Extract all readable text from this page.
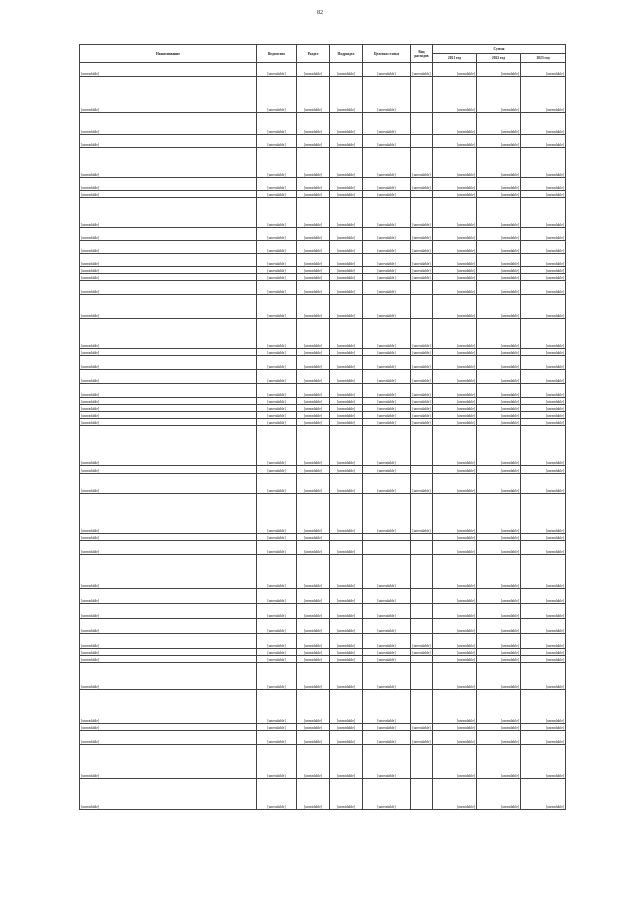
82
Наименование	Ведомство	Раздел	Подраздел	Целевая статья	Вид расходов	Сумма		
						2021 год	2022 год	2023 год
[unreadable]	[unreadable]	[unreadable]	[unreadable]	[unreadable]	[unreadable]	[unreadable]	[unreadable]	[unreadable]
[unreadable]	[unreadable]	[unreadable]	[unreadable]	[unreadable]		[unreadable]	[unreadable]	[unreadable]
[unreadable]	[unreadable]	[unreadable]	[unreadable]	[unreadable]		[unreadable]	[unreadable]	[unreadable]
[unreadable]	[unreadable]	[unreadable]	[unreadable]	[unreadable]		[unreadable]	[unreadable]	[unreadable]
[unreadable]	[unreadable]	[unreadable]	[unreadable]	[unreadable]	[unreadable]	[unreadable]	[unreadable]	[unreadable]
[unreadable]	[unreadable]	[unreadable]	[unreadable]	[unreadable]	[unreadable]	[unreadable]	[unreadable]	[unreadable]
[unreadable]	[unreadable]	[unreadable]	[unreadable]	[unreadable]		[unreadable]	[unreadable]	[unreadable]
[unreadable]	[unreadable]	[unreadable]	[unreadable]	[unreadable]	[unreadable]	[unreadable]	[unreadable]	[unreadable]
[unreadable]	[unreadable]	[unreadable]	[unreadable]	[unreadable]	[unreadable]	[unreadable]	[unreadable]	[unreadable]
[unreadable]	[unreadable]	[unreadable]	[unreadable]	[unreadable]	[unreadable]	[unreadable]	[unreadable]	[unreadable]
[unreadable]	[unreadable]	[unreadable]	[unreadable]	[unreadable]	[unreadable]	[unreadable]	[unreadable]	[unreadable]
[unreadable]	[unreadable]	[unreadable]	[unreadable]	[unreadable]	[unreadable]	[unreadable]	[unreadable]	[unreadable]
[unreadable]	[unreadable]	[unreadable]	[unreadable]	[unreadable]	[unreadable]	[unreadable]	[unreadable]	[unreadable]
[unreadable]	[unreadable]	[unreadable]	[unreadable]	[unreadable]		[unreadable]	[unreadable]	[unreadable]
[unreadable]	[unreadable]	[unreadable]	[unreadable]	[unreadable]		[unreadable]	[unreadable]	[unreadable]
[unreadable]	[unreadable]	[unreadable]	[unreadable]	[unreadable]	[unreadable]	[unreadable]	[unreadable]	[unreadable]
[unreadable]	[unreadable]	[unreadable]	[unreadable]	[unreadable]	[unreadable]	[unreadable]	[unreadable]	[unreadable]
[unreadable]	[unreadable]	[unreadable]	[unreadable]	[unreadable]	[unreadable]	[unreadable]	[unreadable]	[unreadable]
[unreadable]	[unreadable]	[unreadable]	[unreadable]	[unreadable]	[unreadable]	[unreadable]	[unreadable]	[unreadable]
[unreadable]	[unreadable]	[unreadable]	[unreadable]	[unreadable]	[unreadable]	[unreadable]	[unreadable]	[unreadable]
[unreadable]	[unreadable]	[unreadable]	[unreadable]	[unreadable]	[unreadable]	[unreadable]	[unreadable]	[unreadable]
[unreadable]	[unreadable]	[unreadable]	[unreadable]	[unreadable]	[unreadable]	[unreadable]	[unreadable]	[unreadable]
[unreadable]	[unreadable]	[unreadable]	[unreadable]	[unreadable]	[unreadable]	[unreadable]	[unreadable]	[unreadable]
[unreadable]	[unreadable]	[unreadable]	[unreadable]	[unreadable]	[unreadable]	[unreadable]	[unreadable]	[unreadable]
[unreadable]	[unreadable]	[unreadable]	[unreadable]	[unreadable]		[unreadable]	[unreadable]	[unreadable]
[unreadable]	[unreadable]	[unreadable]	[unreadable]	[unreadable]		[unreadable]	[unreadable]	[unreadable]
[unreadable]	[unreadable]	[unreadable]	[unreadable]	[unreadable]	[unreadable]	[unreadable]	[unreadable]	[unreadable]
[unreadable]	[unreadable]	[unreadable]	[unreadable]	[unreadable]	[unreadable]	[unreadable]	[unreadable]	[unreadable]
[unreadable]	[unreadable]	[unreadable]				[unreadable]	[unreadable]	[unreadable]
[unreadable]	[unreadable]	[unreadable]	[unreadable]			[unreadable]	[unreadable]	[unreadable]
[unreadable]	[unreadable]	[unreadable]	[unreadable]	[unreadable]		[unreadable]	[unreadable]	[unreadable]
[unreadable]	[unreadable]	[unreadable]	[unreadable]	[unreadable]		[unreadable]	[unreadable]	[unreadable]
[unreadable]	[unreadable]	[unreadable]	[unreadable]	[unreadable]		[unreadable]	[unreadable]	[unreadable]
[unreadable]	[unreadable]	[unreadable]	[unreadable]	[unreadable]		[unreadable]	[unreadable]	[unreadable]
[unreadable]	[unreadable]	[unreadable]	[unreadable]	[unreadable]	[unreadable]	[unreadable]	[unreadable]	[unreadable]
[unreadable]	[unreadable]	[unreadable]	[unreadable]	[unreadable]	[unreadable]	[unreadable]	[unreadable]	[unreadable]
[unreadable]	[unreadable]	[unreadable]	[unreadable]	[unreadable]		[unreadable]	[unreadable]	[unreadable]
[unreadable]	[unreadable]	[unreadable]	[unreadable]	[unreadable]		[unreadable]	[unreadable]	[unreadable]
[unreadable]	[unreadable]	[unreadable]	[unreadable]	[unreadable]		[unreadable]	[unreadable]	[unreadable]
[unreadable]	[unreadable]	[unreadable]	[unreadable]	[unreadable]	[unreadable]	[unreadable]	[unreadable]	[unreadable]
[unreadable]	[unreadable]	[unreadable]	[unreadable]	[unreadable]	[unreadable]	[unreadable]	[unreadable]	[unreadable]
[unreadable]	[unreadable]	[unreadable]	[unreadable]	[unreadable]		[unreadable]	[unreadable]	[unreadable]
[unreadable]	[unreadable]	[unreadable]	[unreadable]	[unreadable]		[unreadable]	[unreadable]	[unreadable]
